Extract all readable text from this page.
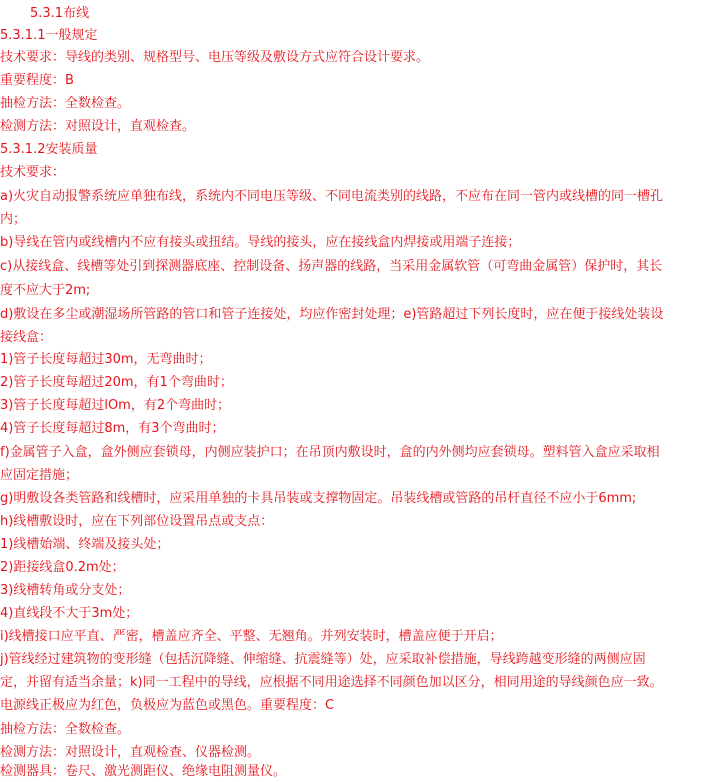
5.3.1布线
5.3.1.1一般规定
技术要求：导线的类别、规格型号、电压等级及敷设方式应符合设计要求。
重要程度：B
抽检方法：全数检查。
检测方法：对照设计，直观检查。
5.3.1.2安装质量
技术要求：
a)火灾自动报警系统应单独布线，系统内不同电压等级、不同电流类别的线路，不应布在同一管内或线槽的同一槽孔
内；
b)导线在管内或线槽内不应有接头或扭结。导线的接头，应在接线盒内焊接或用端子连接；
c)从接线盒、线槽等处引到探测器底座、控制设备、扬声器的线路，当采用金属软管（可弯曲金属管）保护时，其长
度不应大于2m;
d)敷设在多尘或潮湿场所管路的管口和管子连接处，均应作密封处理；e)管路超过下列长度时，应在便于接线处装设
接线盒：
1)管子长度每超过30m，无弯曲时；
2)管子长度每超过20m，有1个弯曲时；
3)管子长度每超过lOm，有2个弯曲时；
4)管子长度每超过8m，有3个弯曲时；
f)金属管子入盒，盒外侧应套锁母，内侧应装护口；在吊顶内敷设时，盒的内外侧均应套锁母。塑料管入盒应采取相
应固定措施；
g)明敷设各类管路和线槽时，应采用单独的卡具吊装或支撑物固定。吊装线槽或管路的吊杆直径不应小于6mm;
h)线槽敷设时，应在下列部位设置吊点或支点：
1)线槽始端、终端及接头处；
2)距接线盒0.2m处；
3)线槽转角或分支处；
4)直线段不大于3m处；
i)线槽接口应平直、严密，槽盖应齐全、平整、无翘角。并列安装时，槽盖应便于开启；
j)管线经过建筑物的变形缝（包括沉降缝、伸缩缝、抗震缝等）处，应采取补偿措施，导线跨越变形缝的两侧应固
定，并留有适当余量；k)同一工程中的导线，应根据不同用途选择不同颜色加以区分，相同用途的导线颜色应一致。
电源线正极应为红色，负极应为蓝色或黑色。重要程度：C
抽检方法：全数检查。
检测方法：对照设计，直观检查、仪器检测。
检测器具：卷尺、激光测距仪、绝缘电阻测量仪。
